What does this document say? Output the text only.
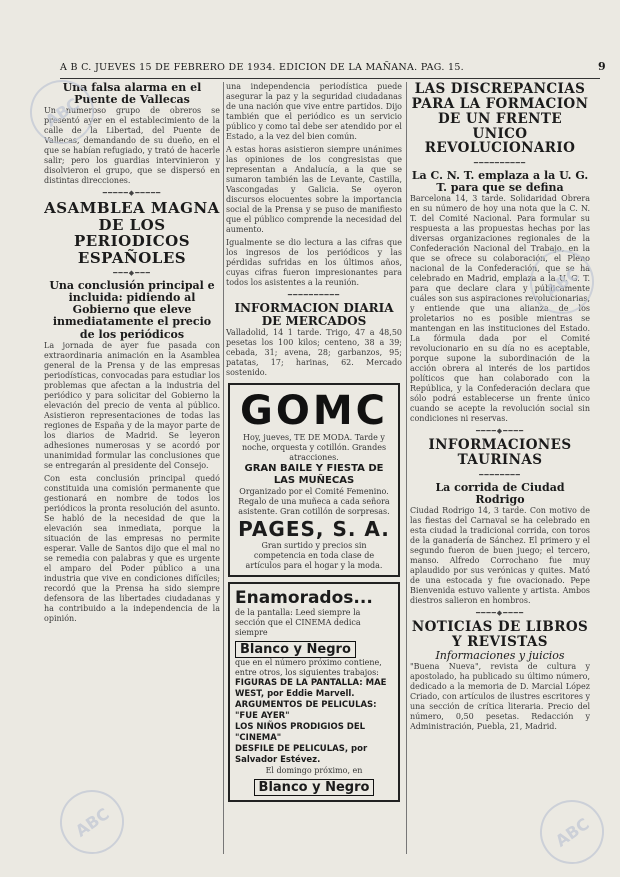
A B C. JUEVES 15 DE FEBRERO DE 1934. EDICION DE LA MAÑANA. PAG. 15.	9
Una falsa alarma en el Puente de Vallecas

Un numeroso grupo de obreros se presentó ayer en el establecimiento de la calle de la Libertad, del Puente de Vallecas, demandando de su dueño, en el que se habían refugiado, y trató de hacerle salir; pero los guardias intervinieron y disolvieron el grupo, que se dispersó en distintas direcciones.

━━━━━◆━━━━━
ASAMBLEA MAGNA DE LOS PERIODICOS ESPAÑOLES
━━━◆━━━
Una conclusión principal e incluida: pidiendo al Gobierno que eleve inmediatamente el precio de los periódicos

La jornada de ayer fue pasada con extraordinaria animación en la Asamblea general de la Prensa y de las empresas periodísticas, convocadas para estudiar los problemas que afectan a la industria del periódico y para solicitar del Gobierno la elevación del precio de venta al público. Asistieron representaciones de todas las regiones de España y de la mayor parte de los diarios de Madrid. Se leyeron adhesiones numerosas y se acordó por unanimidad formular las conclusiones que se entregarán al presidente del Consejo.

Con esta conclusión principal quedó constituida una comisión permanente que gestionará en nombre de todos los periódicos la pronta resolución del asunto. Se habló de la necesidad de que la elevación sea inmediata, porque la situación de las empresas no permite esperar. Valle de Santos dijo que el mal no se remedia con palabras y que es urgente el amparo del Poder público a una industria que vive en condiciones difíciles; recordó que la Prensa ha sido siempre defensora de las libertades ciudadanas y ha contribuido a la independencia de la opinión.

una independencia periodística puede asegurar la paz y la seguridad ciudadanas de una nación que vive entre partidos. Dijo también que el periódico es un servicio público y como tal debe ser atendido por el Estado, a la vez del bien común.

A estas horas asistieron siempre unánimes las opiniones de los congresistas que representan a Andalucía, a la que se sumaron también las de Levante, Castilla, Vascongadas y Galicia. Se oyeron discursos elocuentes sobre la importancia social de la Prensa y se puso de manifiesto que el público comprende la necesidad del aumento.

Igualmente se dio lectura a las cifras que los ingresos de los periódicos y las pérdidas sufridas en los últimos años, cuyas cifras fueron impresionantes para todos los asistentes a la reunión.

━━━━━━━━━━
INFORMACION DIARIA DE MERCADOS

Valladolid, 14 1 tarde. Trigo, 47 a 48,50 pesetas los 100 kilos; centeno, 38 a 39; cebada, 31; avena, 28; garbanzos, 95; patatas, 17; harinas, 62. Mercado sostenido.

GOMC
Hoy, jueves, TE DE MODA. Tarde y noche, orquesta y cotillón. Grandes atracciones.
GRAN BAILE Y FIESTA DE LAS MUÑECAS
Organizado por el Comité Femenino. Regalo de una muñeca a cada señora asistente. Gran cotillón de sorpresas.
PAGES, S. A.
Gran surtido y precios sin competencia en toda clase de artículos para el hogar y la moda.
Enamorados...
de la pantalla: Leed siempre la sección que el CINEMA dedica siempre
Blanco y Negro
que en el número próximo contiene, entre otros, los siguientes trabajos:
FIGURAS DE LA PANTALLA: MAE WEST, por Eddie Marvell.
ARGUMENTOS DE PELICULAS: "FUE AYER"
LOS NIÑOS PRODIGIOS DEL "CINEMA"
DESFILE DE PELICULAS, por Salvador Estévez.
El domingo próximo, en
Blanco y Negro
LAS DISCREPANCIAS PARA LA FORMACION DE UN FRENTE UNICO REVOLUCIONARIO
━━━━━━━━━━
La C. N. T. emplaza a la U. G. T. para que se defina

Barcelona 14, 3 tarde. Solidaridad Obrera en su número de hoy una nota que la C. N. T. del Comité Nacional. Para formular su respuesta a las propuestas hechas por las diversas organizaciones regionales de la Confederación Nacional del Trabajo, en la que se ofrece su colaboración, el Pleno nacional de la Confederación, que se ha celebrado en Madrid, emplaza a la U. G. T. para que declare clara y públicamente cuáles son sus aspiraciones revolucionarias, y entiende que una alianza de los proletarios no es posible mientras se mantengan en las instituciones del Estado. La fórmula dada por el Comité revolucionario en su día no es aceptable, porque supone la subordinación de la acción obrera al interés de los partidos políticos que han colaborado con la República, y la Confederación declara que sólo podrá establecerse un frente único cuando se acepte la revolución social sin condiciones ni reservas.

━━━━◆━━━━
INFORMACIONES TAURINAS
━━━━━━━━
La corrida de Ciudad Rodrigo

Ciudad Rodrigo 14, 3 tarde. Con motivo de las fiestas del Carnaval se ha celebrado en esta ciudad la tradicional corrida, con toros de la ganadería de Sánchez. El primero y el segundo fueron de buen juego; el tercero, manso. Alfredo Corrochano fue muy aplaudido por sus verónicas y quites. Mató de una estocada y fue ovacionado. Pepe Bienvenida estuvo valiente y artista. Ambos diestros salieron en hombros.

━━━━◆━━━━
NOTICIAS DE LIBROS Y REVISTAS
Informaciones y juicios

"Buena Nueva", revista de cultura y apostolado, ha publicado su último número, dedicado a la memoria de D. Marcial López Criado, con artículos de ilustres escritores y una sección de crítica literaria. Precio del número, 0,50 pesetas. Redacción y Administración, Puebla, 21, Madrid.

ABC
ABC
ABC	ABC
